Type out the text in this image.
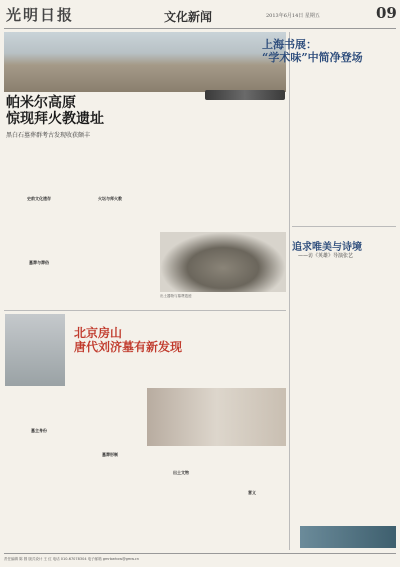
光明日报	文化新闻	2013年6月14日 星期五	09
帕米尔高原
惊现拜火教遗址
黑白石墓葬群考古发现收获颇丰

史前文化遗存	火坛与拜火教
墓葬与葬俗
出土器物与墓葬遗迹
北京房山
唐代刘济墓有新发现

墓主身份
墓葬形制
出土文物
意义
上海书展：
“学术味”中简净登场

追求唯美与诗境
——访《英雄》导演张艺

责任编辑 陈 圆 版式设计 王 红 电话 010-67078304 电子邮箱 gmrbwhxw@gmw.cn
